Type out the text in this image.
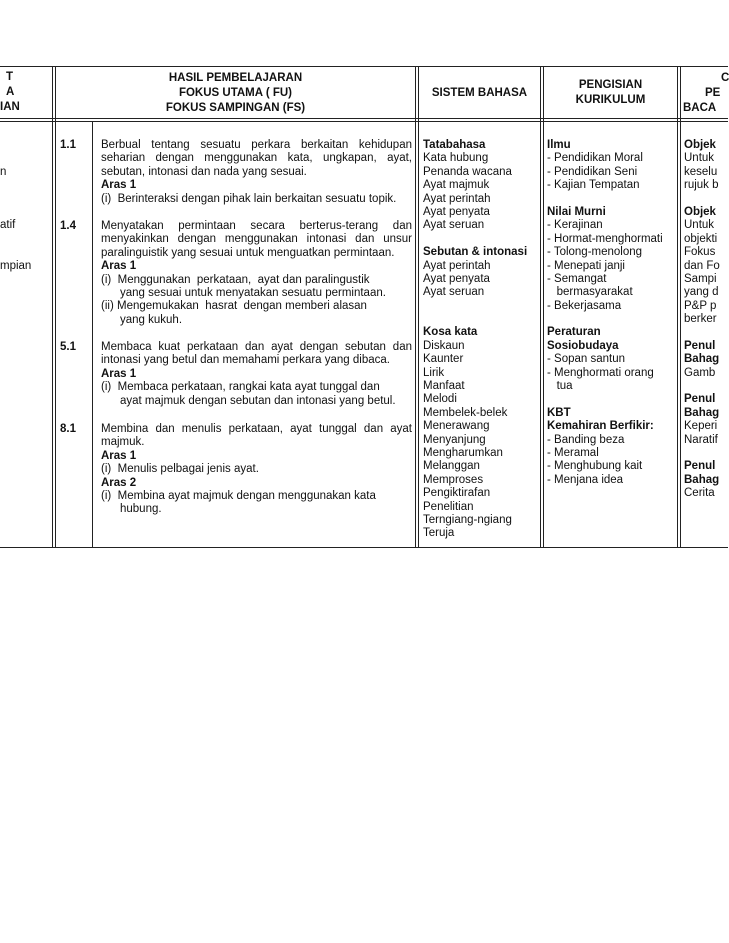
T
A
IAN
HASIL PEMBELAJARAN
FOKUS UTAMA ( FU)
FOKUS SAMPINGAN (FS)
SISTEM BAHASA
PENGISIAN
KURIKULUM
C
PE
BACA
n
atif
mpian
1.1 Berbual tentang sesuatu perkara berkaitan kehidupan
seharian dengan menggunakan kata, ungkapan, ayat,
sebutan, intonasi dan nada yang sesuai.
Aras 1
(i) Berinteraksi dengan pihak lain berkaitan sesuatu topik.
1.4 Menyatakan permintaan secara berterus-terang dan
menyakinkan dengan menggunakan intonasi dan unsur
paralinguistik yang sesuai untuk menguatkan permintaan.
Aras 1
(i) Menggunakan  perkataan,  ayat dan paralingustik
yang sesuai untuk menyatakan sesuatu permintaan.
(ii) Mengemukakan  hasrat  dengan memberi alasan
yang kukuh.
5.1 Membaca kuat perkataan dan ayat dengan sebutan dan
intonasi yang betul dan memahami perkara yang dibaca.
Aras 1
(i) Membaca perkataan, rangkai kata ayat tunggal dan
ayat majmuk dengan sebutan dan intonasi yang betul.
8.1 Membina dan menulis perkataan, ayat tunggal dan ayat
majmuk.
Aras 1
(i) Menulis pelbagai jenis ayat.
Aras 2
(i) Membina ayat majmuk dengan menggunakan kata
hubung.
Tatabahasa
Kata hubung
Penanda wacana
Ayat majmuk
Ayat perintah
Ayat penyata
Ayat seruan
Sebutan & intonasi
Ayat perintah
Ayat penyata
Ayat seruan
Kosa kata
Diskaun
Kaunter
Lirik
Manfaat
Melodi
Membelek-belek
Menerawang
Menyanjung
Mengharumkan
Melanggan
Memproses
Pengiktirafan
Penelitian
Terngiang-ngiang
Teruja
Ilmu
- Pendidikan Moral
- Pendidikan Seni
- Kajian Tempatan
Nilai Murni
- Kerajinan
- Hormat-menghormati
- Tolong-menolong
- Menepati janji
- Semangat
bermasyarakat
- Bekerjasama
Peraturan
Sosiobudaya
- Sopan santun
- Menghormati orang
tua
KBT
Kemahiran Berfikir:
- Banding beza
- Meramal
- Menghubung kait
- Menjana idea
Objek
Untuk
keselu
rujuk b
Objek
Untuk
objekti
Fokus
dan Fo
Sampi
yang d
P&P p
berker
Penul
Bahag
Gamb
Penul
Bahag
Keperi
Naratif
Penul
Bahag
Cerita
